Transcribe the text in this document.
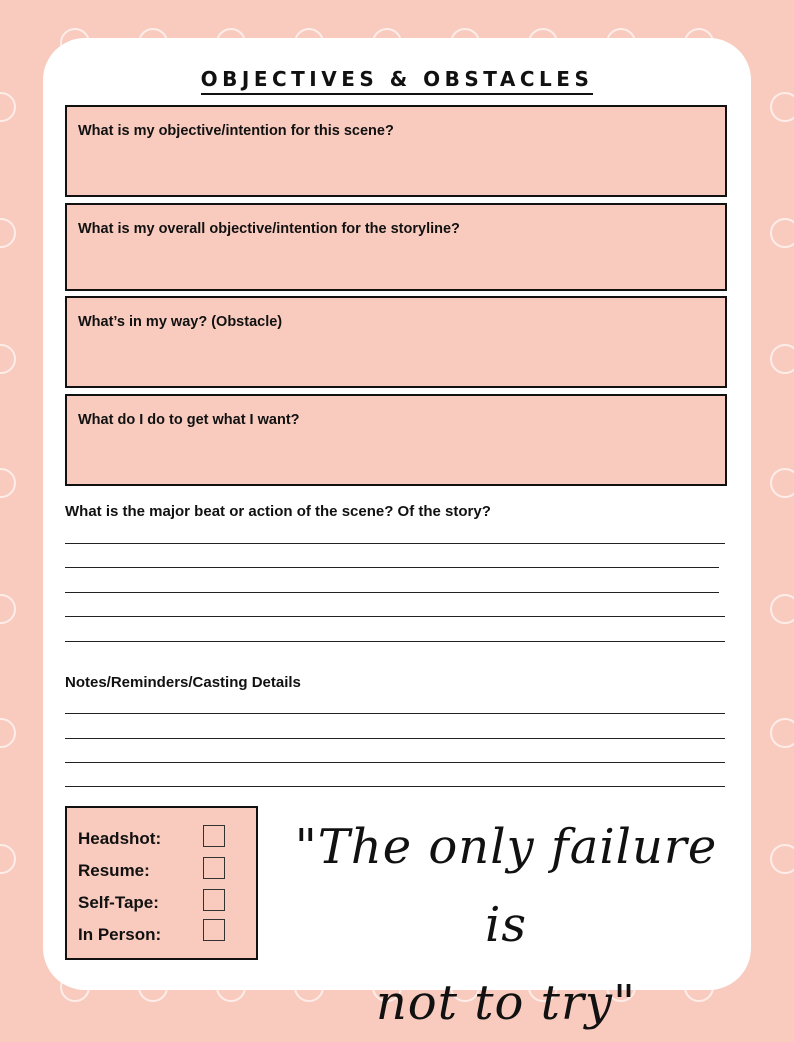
OBJECTIVES & OBSTACLES
What is my objective/intention for this scene?
What is my overall objective/intention for the storyline?
What’s in my way? (Obstacle)
What do I do to get what I want?
What is the major beat or action of the scene? Of the story?
Notes/Reminders/Casting Details
Headshot:
Resume:
Self-Tape:
In Person:
"The only failure is
not to try"
